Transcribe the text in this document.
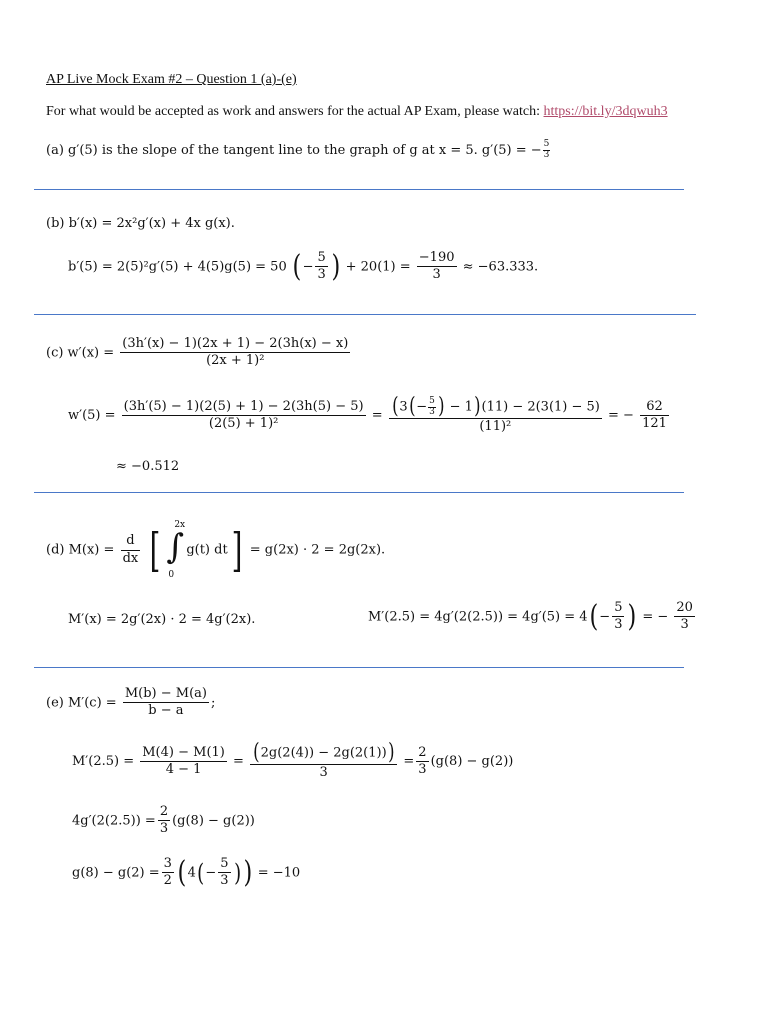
AP Live Mock Exam #2 – Question 1 (a)-(e)
For what would be accepted as work and answers for the actual AP Exam, please watch: https://bit.ly/3dqwuh3
(a) g′(5) is the slope of the tangent line to the graph of g at x = 5. g′(5) = − $\frac{5}{3}$
(b) b′(x) = 2x²g′(x) + 4x g(x).
b′(5) = 2(5)²g′(5) + 4(5)g(5) = 50 (− $\frac{5}{3}$ ) + $20(1) = \frac{-190}{3} \approx -63.333$.
(c) $w'(x) = \frac{(3h'(x) - 1)(2x + 1) - 2(3h(x) - x)}{\text{(2x + 1)²}}$
$w'(5) = \frac{(3h'(5) - 1)(2(5) + 1) - 2(3h(5) - 5)}{\text{(2(5) + 1)²}} = \frac{(3(- \frac{5}{3} ) - 1)(11) - 2(3(1) - 5)}{\text{(11)²}}$ = − $\frac{62}{121}$
≈ −0.512
(d) $M(x) = \frac{d}{dx}$ [ ∫
2x
0
g(t) dt] = g(2x) · 2 = 2g(2x).
M′(x) = 2g′(2x) · 2 = 4g′(2x).	$M'(2.5) = 4g'(2(2.5)) = 4g'(5) = 4(- \frac{5}{3}$ ) = − $\frac{20}{3}$
(e) $M'(c) = \frac{M(b) - M(a)}{b - a}$ ;
$M'(2.5) = \frac{M(4) - M(1)}{4 - 1} = \frac{(2g(2(4)) - 2g(2(1)))}{3} = \frac{2}{3} (g(8) - g(2))$
$4g'(2(2.5)) = \frac{2}{3} (g(8) - g(2))$
$g(8) - g(2) = \frac{3}{2} (4(- \frac{5}{3}$ )) = −10
